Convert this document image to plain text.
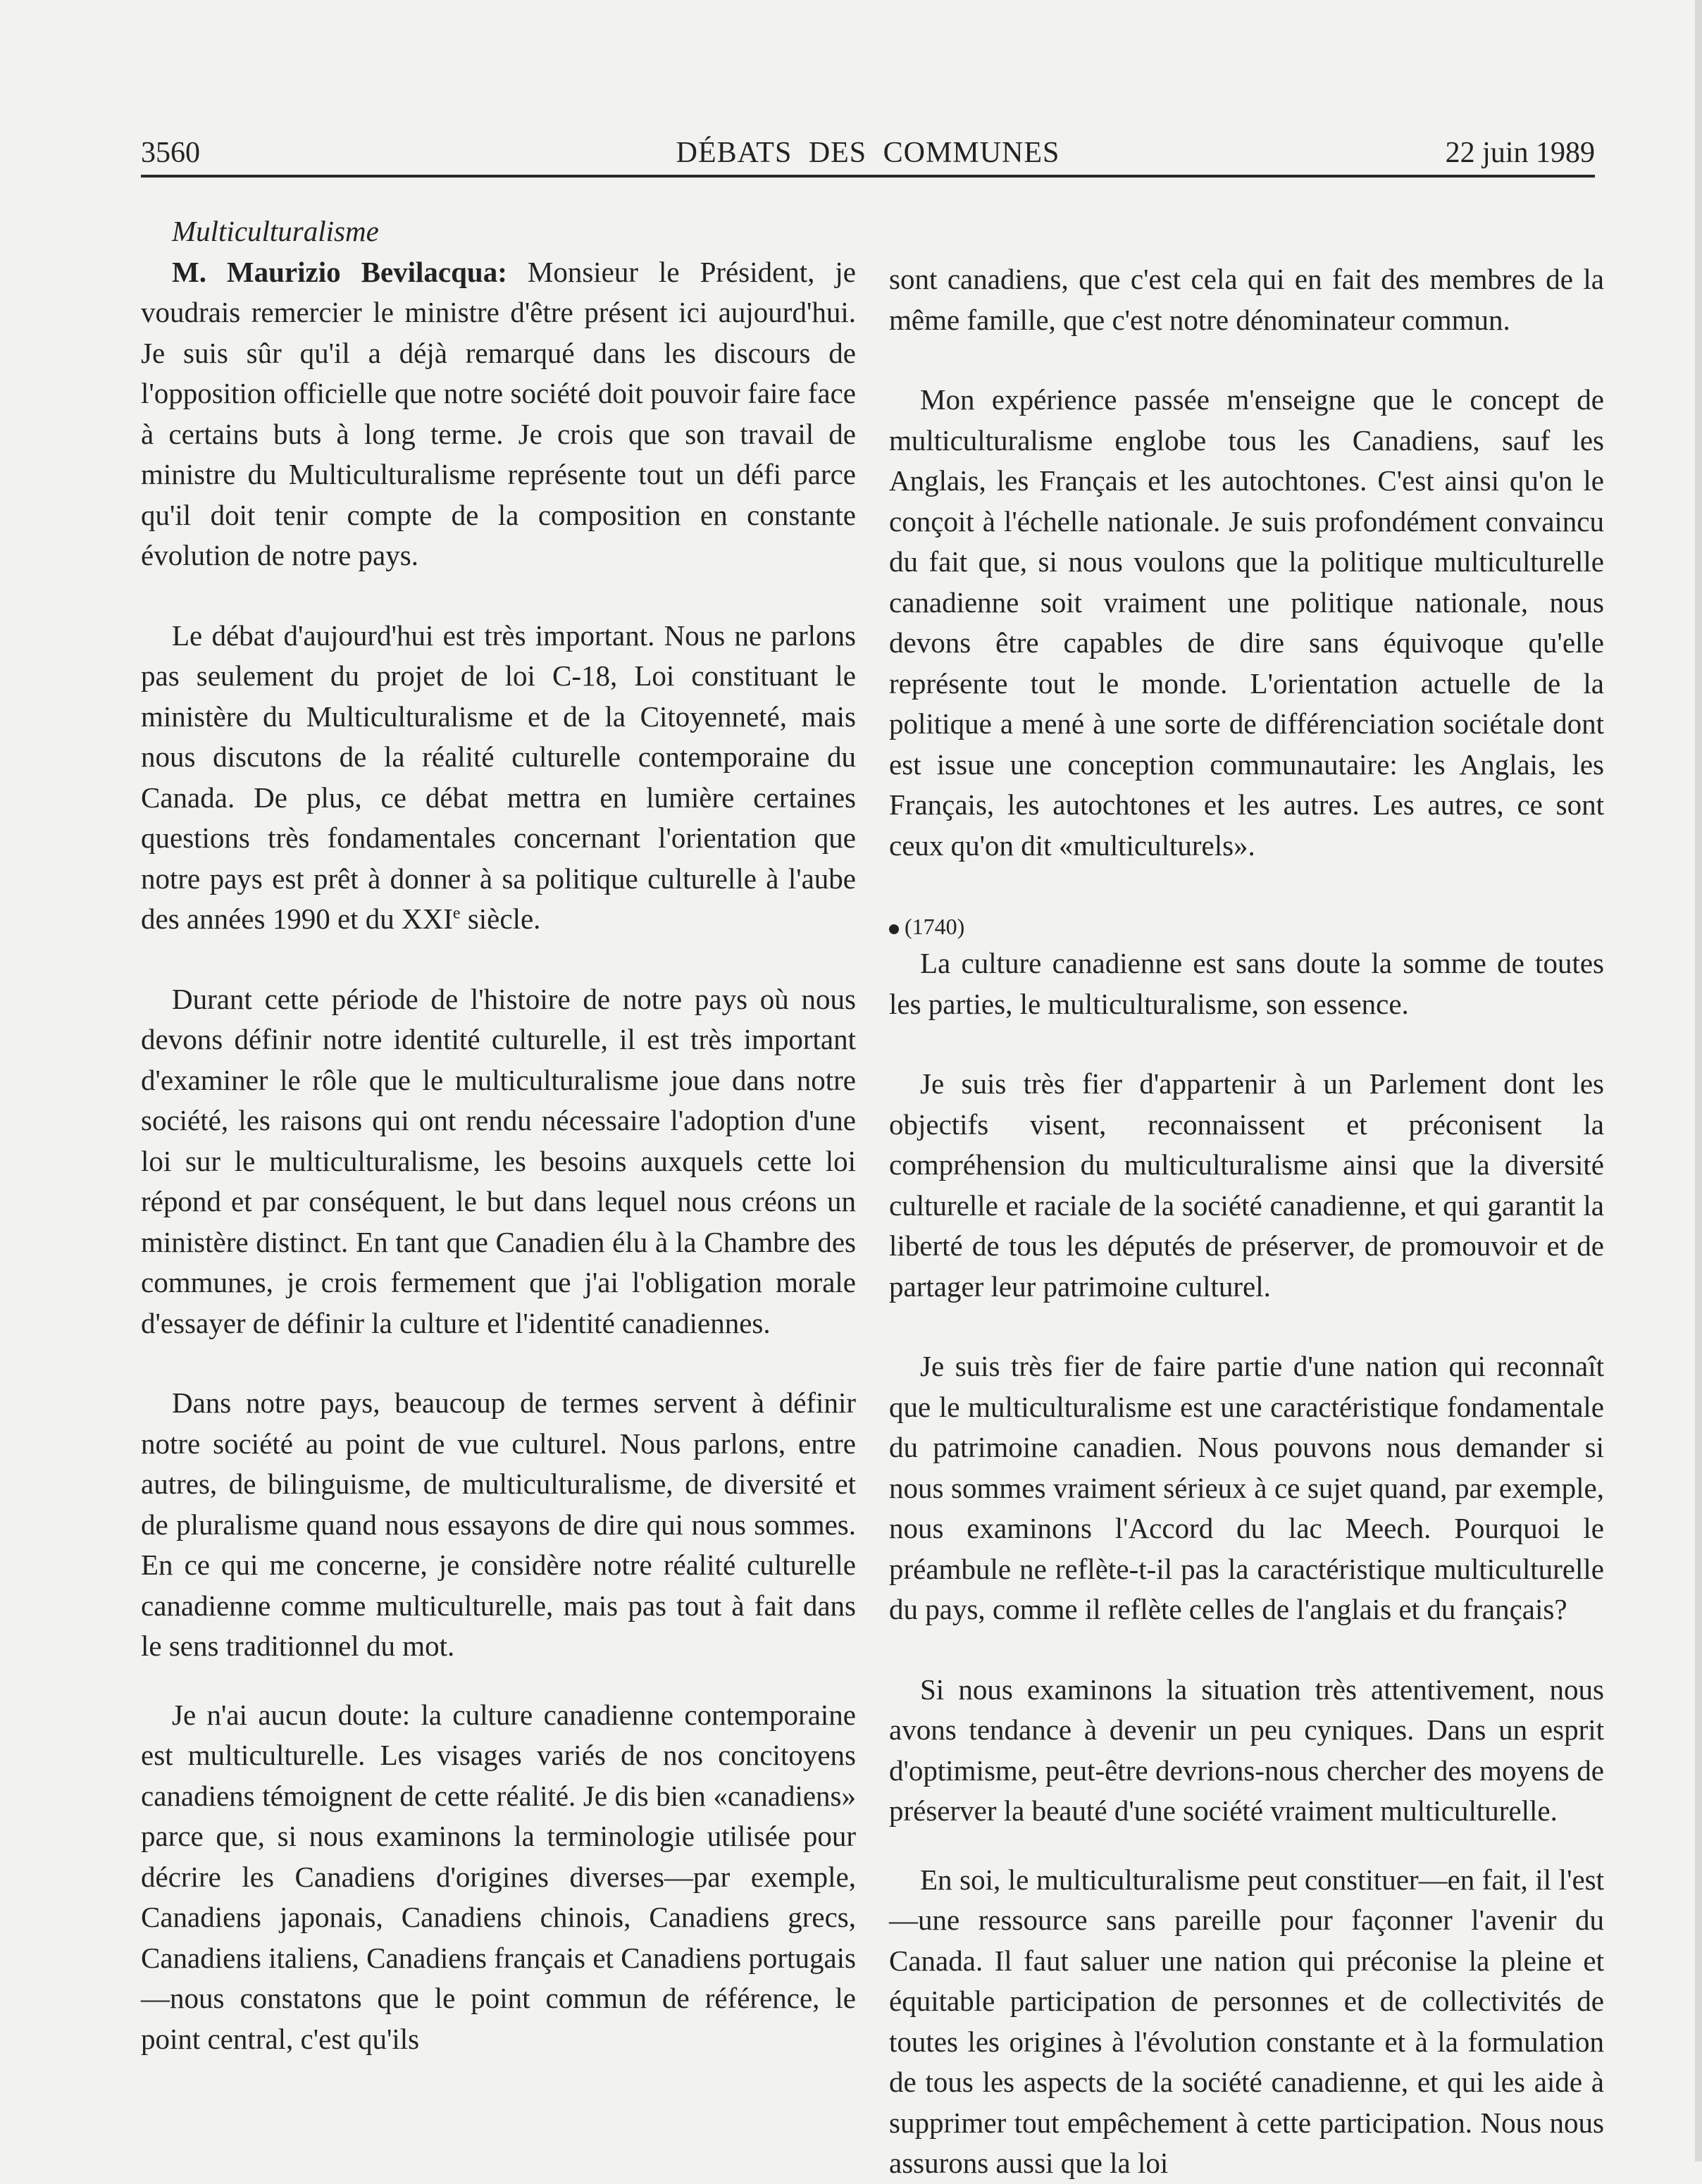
3560	DÉBATS DES COMMUNES	22 juin 1989

Multiculturalisme

M. Maurizio Bevilacqua: Monsieur le Président, je voudrais remercier le ministre d'être présent ici aujourd'hui. Je suis sûr qu'il a déjà remarqué dans les discours de l'opposition officielle que notre société doit pouvoir faire face à certains buts à long terme. Je crois que son travail de ministre du Multiculturalisme représente tout un défi parce qu'il doit tenir compte de la composition en constante évolution de notre pays.

Le débat d'aujourd'hui est très important. Nous ne parlons pas seulement du projet de loi C-18, Loi constituant le ministère du Multiculturalisme et de la Citoyenneté, mais nous discutons de la réalité culturelle contemporaine du Canada. De plus, ce débat mettra en lumière certaines questions très fondamentales concernant l'orientation que notre pays est prêt à donner à sa politique culturelle à l'aube des années 1990 et du XXIe siècle.

Durant cette période de l'histoire de notre pays où nous devons définir notre identité culturelle, il est très important d'examiner le rôle que le multiculturalisme joue dans notre société, les raisons qui ont rendu nécessaire l'adoption d'une loi sur le multiculturalisme, les besoins auxquels cette loi répond et par conséquent, le but dans lequel nous créons un ministère distinct. En tant que Canadien élu à la Chambre des communes, je crois fermement que j'ai l'obligation morale d'essayer de définir la culture et l'identité canadiennes.

Dans notre pays, beaucoup de termes servent à définir notre société au point de vue culturel. Nous parlons, entre autres, de bilinguisme, de multiculturalisme, de diversité et de pluralisme quand nous essayons de dire qui nous sommes. En ce qui me concerne, je considère notre réalité culturelle canadienne comme multiculturelle, mais pas tout à fait dans le sens traditionnel du mot.

Je n'ai aucun doute: la culture canadienne contemporaine est multiculturelle. Les visages variés de nos concitoyens canadiens témoignent de cette réalité. Je dis bien «canadiens» parce que, si nous examinons la terminologie utilisée pour décrire les Canadiens d'origines diverses—par exemple, Canadiens japonais, Canadiens chinois, Canadiens grecs, Canadiens italiens, Canadiens français et Canadiens portugais—nous constatons que le point commun de référence, le point central, c'est qu'ils

sont canadiens, que c'est cela qui en fait des membres de la même famille, que c'est notre dénominateur commun.

Mon expérience passée m'enseigne que le concept de multiculturalisme englobe tous les Canadiens, sauf les Anglais, les Français et les autochtones. C'est ainsi qu'on le conçoit à l'échelle nationale. Je suis profondément convaincu du fait que, si nous voulons que la politique multiculturelle canadienne soit vraiment une politique nationale, nous devons être capables de dire sans équivoque qu'elle représente tout le monde. L'orientation actuelle de la politique a mené à une sorte de différenciation sociétale dont est issue une conception communautaire: les Anglais, les Français, les autochtones et les autres. Les autres, ce sont ceux qu'on dit «multiculturels».

(1740)

La culture canadienne est sans doute la somme de toutes les parties, le multiculturalisme, son essence.

Je suis très fier d'appartenir à un Parlement dont les objectifs visent, reconnaissent et préconisent la compréhension du multiculturalisme ainsi que la diversité culturelle et raciale de la société canadienne, et qui garantit la liberté de tous les députés de préserver, de promouvoir et de partager leur patrimoine culturel.

Je suis très fier de faire partie d'une nation qui reconnaît que le multiculturalisme est une caractéristique fondamentale du patrimoine canadien. Nous pouvons nous demander si nous sommes vraiment sérieux à ce sujet quand, par exemple, nous examinons l'Accord du lac Meech. Pourquoi le préambule ne reflète-t-il pas la caractéristique multiculturelle du pays, comme il reflète celles de l'anglais et du français?

Si nous examinons la situation très attentivement, nous avons tendance à devenir un peu cyniques. Dans un esprit d'optimisme, peut-être devrions-nous chercher des moyens de préserver la beauté d'une société vraiment multiculturelle.

En soi, le multiculturalisme peut constituer—en fait, il l'est—une ressource sans pareille pour façonner l'avenir du Canada. Il faut saluer une nation qui préconise la pleine et équitable participation de personnes et de collectivités de toutes les origines à l'évolution constante et à la formulation de tous les aspects de la société canadienne, et qui les aide à supprimer tout empêchement à cette participation. Nous nous assurons aussi que la loi
